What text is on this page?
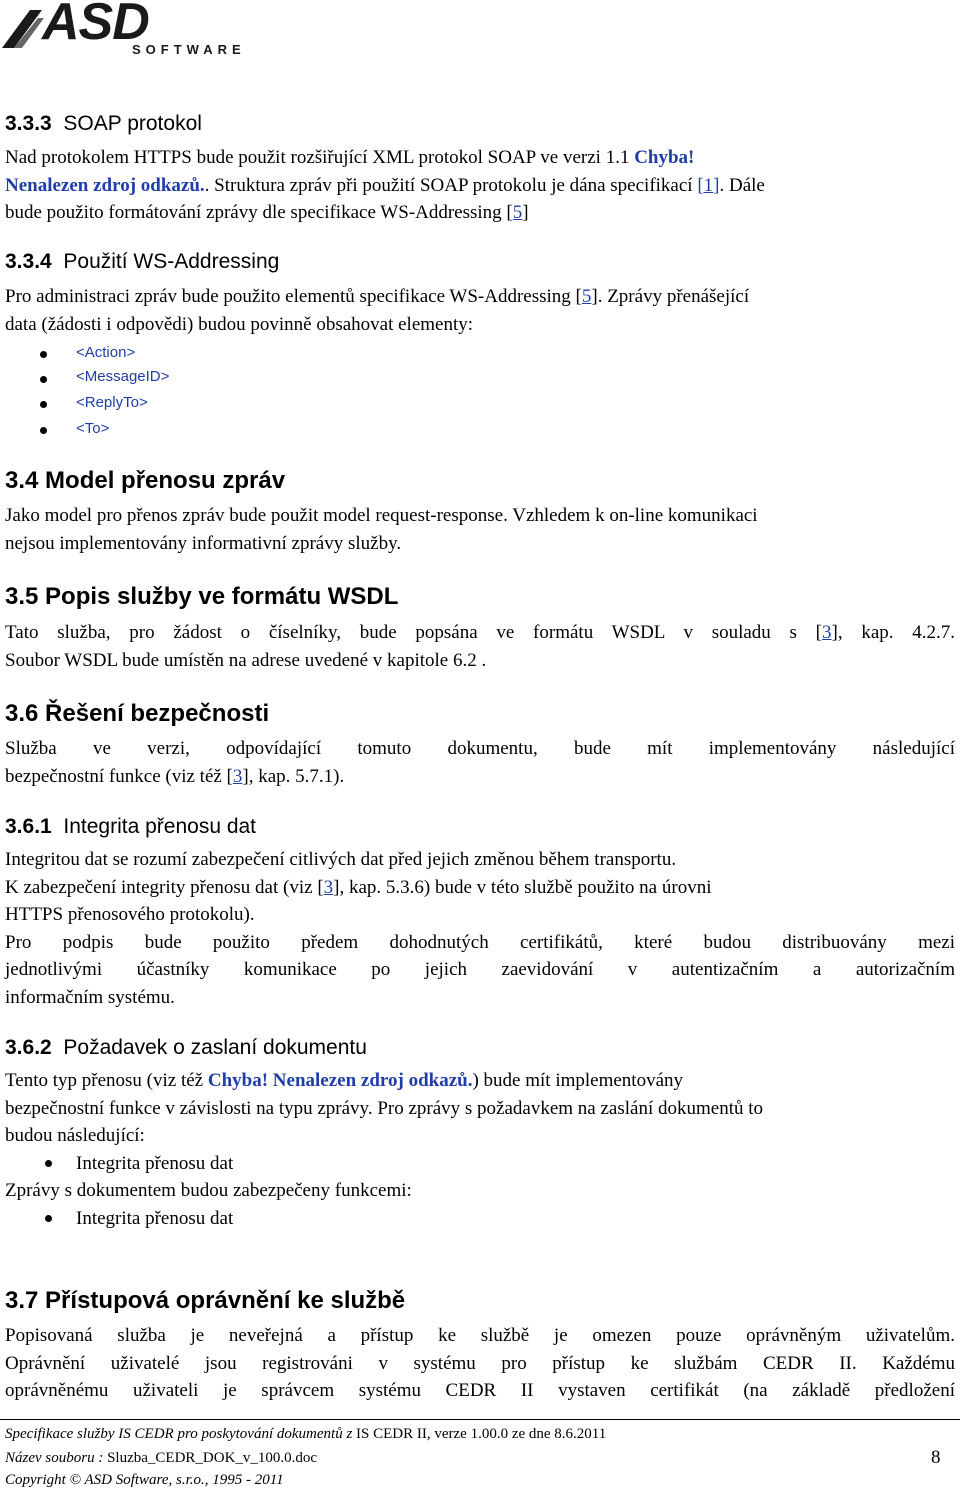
ASD
SOFTWARE
3.3.3 SOAP protokol
Nad protokolem HTTPS bude použit rozšiřující XML protokol SOAP ve verzi 1.1 Chyba!
Nenalezen zdroj odkazů.. Struktura zpráv při použití SOAP protokolu je dána specifikací [1]. Dále
bude použito formátování zprávy dle specifikace WS-Addressing [5]
3.3.4 Použití WS-Addressing
Pro administraci zpráv bude použito elementů specifikace WS-Addressing [5]. Zprávy přenášející
data (žádosti i odpovědi) budou povinně obsahovat elementy:
<Action>
<MessageID>
<ReplyTo>
<To>
3.4 Model přenosu zpráv
Jako model pro přenos zpráv bude použit model request-response. Vzhledem k on-line komunikaci
nejsou implementovány informativní zprávy služby.
3.5 Popis služby ve formátu WSDL
Tato služba, pro žádost o číselníky, bude popsána ve formátu WSDL v souladu s [3], kap. 4.2.7.
Soubor WSDL bude umístěn na adrese uvedené v kapitole 6.2 .
3.6 Řešení bezpečnosti
Služba ve verzi, odpovídající tomuto dokumentu, bude mít implementovány následující
bezpečnostní funkce (viz též [3], kap. 5.7.1).
3.6.1 Integrita přenosu dat
Integritou dat se rozumí zabezpečení citlivých dat před jejich změnou během transportu.
K zabezpečení integrity přenosu dat (viz [3], kap. 5.3.6) bude v této službě použito na úrovni
HTTPS přenosového protokolu).
Pro podpis bude použito předem dohodnutých certifikátů, které budou distribuovány mezi
jednotlivými účastníky komunikace po jejich zaevidování v autentizačním a autorizačním
informačním systému.
3.6.2 Požadavek o zaslaní dokumentu
Tento typ přenosu (viz též Chyba! Nenalezen zdroj odkazů.) bude mít implementovány
bezpečnostní funkce v závislosti na typu zprávy. Pro zprávy s požadavkem na zaslání dokumentů to
budou následující:
Integrita přenosu dat
Zprávy s dokumentem budou zabezpečeny funkcemi:
Integrita přenosu dat
3.7 Přístupová oprávnění ke službě
Popisovaná služba je neveřejná a přístup ke službě je omezen pouze oprávněným uživatelům.
Oprávnění uživatelé jsou registrováni v systému pro přístup ke službám CEDR II. Každému
oprávněnému uživateli je správcem systému CEDR II vystaven certifikát (na základě předložení
Specifikace služby IS CEDR pro poskytování dokumentů z IS CEDR II, verze 1.00.0 ze dne 8.6.2011
Název souboru : Sluzba_CEDR_DOK_v_100.0.doc	8
Copyright © ASD Software, s.r.o., 1995 - 2011
